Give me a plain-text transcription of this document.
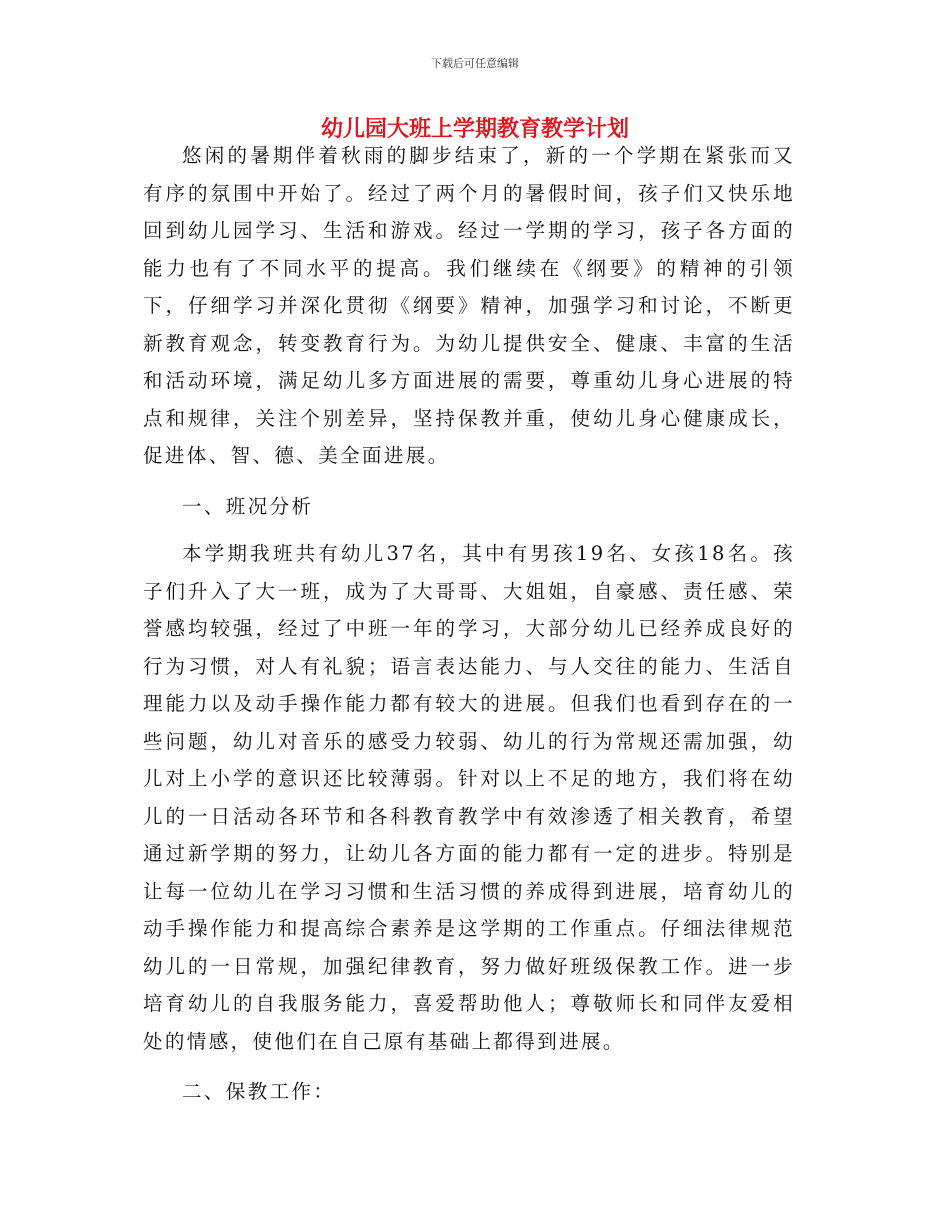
下载后可任意编辑
幼儿园大班上学期教育教学计划

悠闲的暑期伴着秋雨的脚步结束了，新的一个学期在紧张而又有序的氛围中开始了。经过了两个月的暑假时间，孩子们又快乐地回到幼儿园学习、生活和游戏。经过一学期的学习，孩子各方面的能力也有了不同水平的提高。我们继续在《纲要》的精神的引领下，仔细学习并深化贯彻《纲要》精神，加强学习和讨论，不断更新教育观念，转变教育行为。为幼儿提供安全、健康、丰富的生活和活动环境，满足幼儿多方面进展的需要，尊重幼儿身心进展的特点和规律，关注个别差异，坚持保教并重，使幼儿身心健康成长，促进体、智、德、美全面进展。

一、班况分析

本学期我班共有幼儿37名，其中有男孩19名、女孩18名。孩子们升入了大一班，成为了大哥哥、大姐姐，自豪感、责任感、荣誉感均较强，经过了中班一年的学习，大部分幼儿已经养成良好的行为习惯，对人有礼貌；语言表达能力、与人交往的能力、生活自理能力以及动手操作能力都有较大的进展。但我们也看到存在的一些问题，幼儿对音乐的感受力较弱、幼儿的行为常规还需加强，幼儿对上小学的意识还比较薄弱。针对以上不足的地方，我们将在幼儿的一日活动各环节和各科教育教学中有效渗透了相关教育，希望通过新学期的努力，让幼儿各方面的能力都有一定的进步。特别是让每一位幼儿在学习习惯和生活习惯的养成得到进展，培育幼儿的动手操作能力和提高综合素养是这学期的工作重点。仔细法律规范幼儿的一日常规，加强纪律教育，努力做好班级保教工作。进一步培育幼儿的自我服务能力，喜爱帮助他人；尊敬师长和同伴友爱相处的情感，使他们在自己原有基础上都得到进展。

二、保教工作：
